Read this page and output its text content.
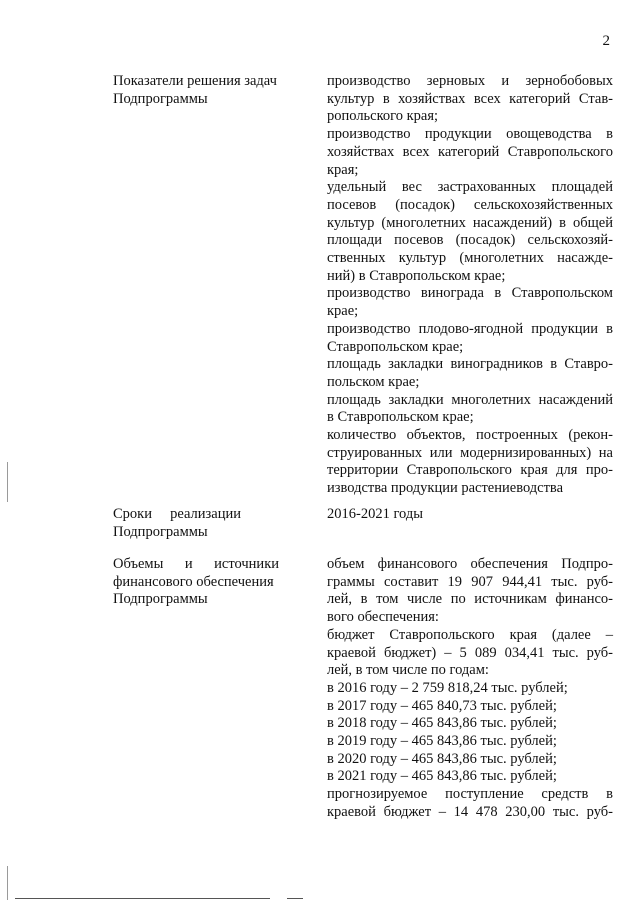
2
Показатели решения задач
Подпрограммы
производство зерновых и зернобобовых
культур в хозяйствах всех категорий Став-
ропольского края;
производство продукции овощеводства в
хозяйствах всех категорий Ставропольского
края;
удельный вес застрахованных площадей
посевов (посадок) сельскохозяйственных
культур (многолетних насаждений) в общей
площади посевов (посадок) сельскохозяй-
ственных культур (многолетних насажде-
ний) в Ставропольском крае;
производство винограда в Ставропольском
крае;
производство плодово-ягодной продукции в
Ставропольском крае;
площадь закладки виноградников в Ставро-
польском крае;
площадь закладки многолетних насаждений
в Ставропольском крае;
количество объектов, построенных (рекон-
струированных или модернизированных) на
территории Ставропольского края для про-
изводства продукции растениеводства
Сроки реализации
Подпрограммы
2016-2021 годы
Объемы и источники
финансового обеспечения
Подпрограммы
объем финансового обеспечения Подпро-
граммы составит 19 907 944,41 тыс. руб-
лей, в том числе по источникам финансо-
вого обеспечения:
бюджет Ставропольского края (далее –
краевой бюджет) – 5 089 034,41 тыс. руб-
лей, в том числе по годам:
в 2016 году – 2 759 818,24 тыс. рублей;
в 2017 году – 465 840,73 тыс. рублей;
в 2018 году – 465 843,86 тыс. рублей;
в 2019 году – 465 843,86 тыс. рублей;
в 2020 году – 465 843,86 тыс. рублей;
в 2021 году – 465 843,86 тыс. рублей;
прогнозируемое поступление средств в
краевой бюджет – 14 478 230,00 тыс. руб-
